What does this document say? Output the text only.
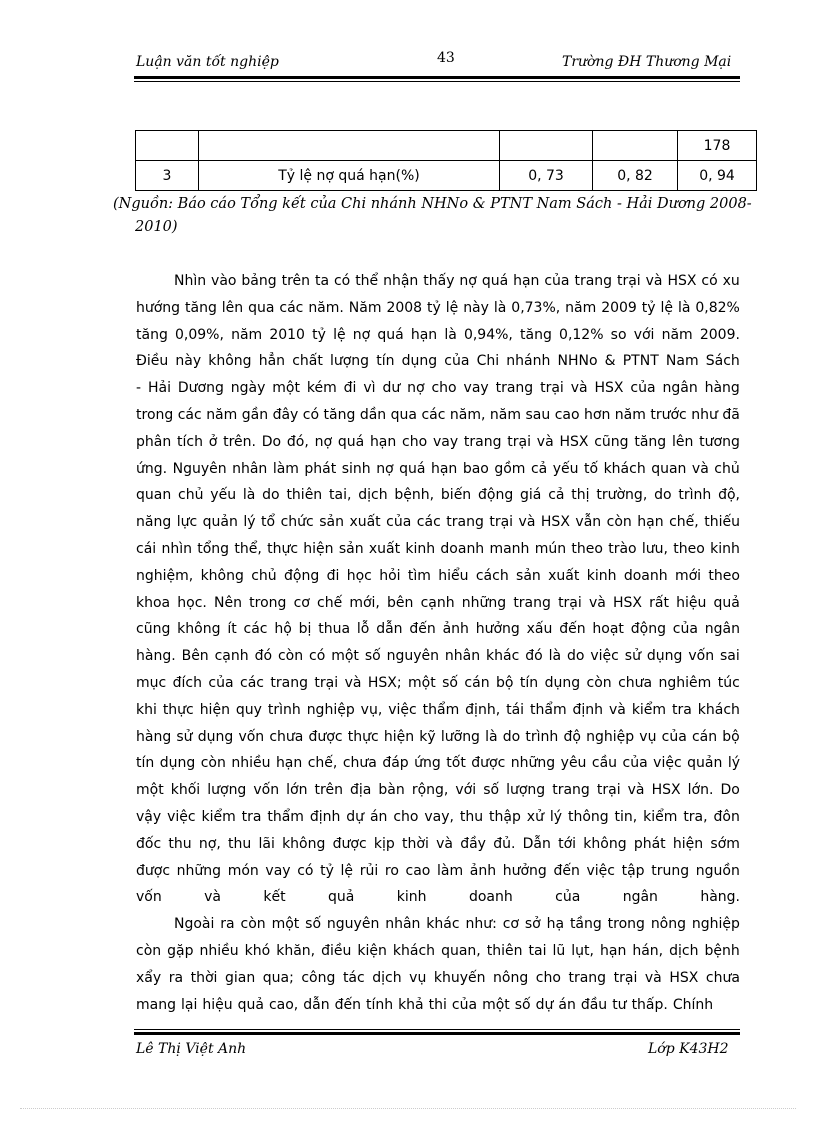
Luận văn tốt nghiệp	43	Trường ĐH Thương Mại
				178
3	Tỷ lệ nợ quá hạn(%)	0, 73	0, 82	0, 94
(Nguồn: Báo cáo Tổng kết của Chi nhánh NHNo & PTNT Nam Sách - Hải Dương 2008-
2010)
Nhìn vào bảng trên ta có thể nhận thấy nợ quá hạn của trang trại và HSX có xu
hướng tăng lên qua các năm. Năm 2008 tỷ lệ này là 0,73%, năm 2009 tỷ lệ là 0,82%
tăng 0,09%, năm 2010 tỷ lệ nợ quá hạn là 0,94%, tăng 0,12% so với năm 2009.
Điều này không hẳn chất lượng tín dụng của Chi nhánh NHNo & PTNT Nam Sách
- Hải Dương ngày một kém đi vì dư nợ cho vay trang trại và HSX của ngân hàng
trong các năm gần đây có tăng dần qua các năm, năm sau cao hơn năm trước như đã
phân tích ở trên. Do đó, nợ quá hạn cho vay trang trại và HSX cũng tăng lên tương
ứng. Nguyên nhân làm phát sinh nợ quá hạn bao gồm cả yếu tố khách quan và chủ
quan chủ yếu là do thiên tai, dịch bệnh, biến động giá cả thị trường, do trình độ,
năng lực quản lý tổ chức sản xuất của các trang trại và HSX vẫn còn hạn chế, thiếu
cái nhìn tổng thể, thực hiện sản xuất kinh doanh manh mún theo trào lưu, theo kinh
nghiệm, không chủ động đi học hỏi tìm hiểu cách sản xuất kinh doanh mới theo
khoa học. Nên trong cơ chế mới, bên cạnh những trang trại và HSX rất hiệu quả
cũng không ít các hộ bị thua lỗ dẫn đến ảnh hưởng xấu đến hoạt động của ngân
hàng. Bên cạnh đó còn có một số nguyên nhân khác đó là do việc sử dụng vốn sai
mục đích của các trang trại và HSX; một số cán bộ tín dụng còn chưa nghiêm túc
khi thực hiện quy trình nghiệp vụ, việc thẩm định, tái thẩm định và kiểm tra khách
hàng sử dụng vốn chưa được thực hiện kỹ lưỡng là do trình độ nghiệp vụ của cán bộ
tín dụng còn nhiều hạn chế, chưa đáp ứng tốt được những yêu cầu của việc quản lý
một khối lượng vốn lớn trên địa bàn rộng, với số lượng trang trại và HSX lớn. Do
vậy việc kiểm tra thẩm định dự án cho vay, thu thập xử lý thông tin, kiểm tra, đôn
đốc thu nợ, thu lãi không được kịp thời và đầy đủ. Dẫn tới không phát hiện sớm
được những món vay có tỷ lệ rủi ro cao làm ảnh hưởng đến việc tập trung nguồn
vốn	và	kết	quả	kinh	doanh	của	ngân	hàng.
Ngoài ra còn một số nguyên nhân khác như: cơ sở hạ tầng trong nông nghiệp
còn gặp nhiều khó khăn, điều kiện khách quan, thiên tai lũ lụt, hạn hán, dịch bệnh
xẩy ra thời gian qua; công tác dịch vụ khuyến nông cho trang trại và HSX chưa
mang lại hiệu quả cao, dẫn đến tính khả thi của một số dự án đầu tư thấp. Chính
Lê Thị Việt Anh	Lớp K43H2
